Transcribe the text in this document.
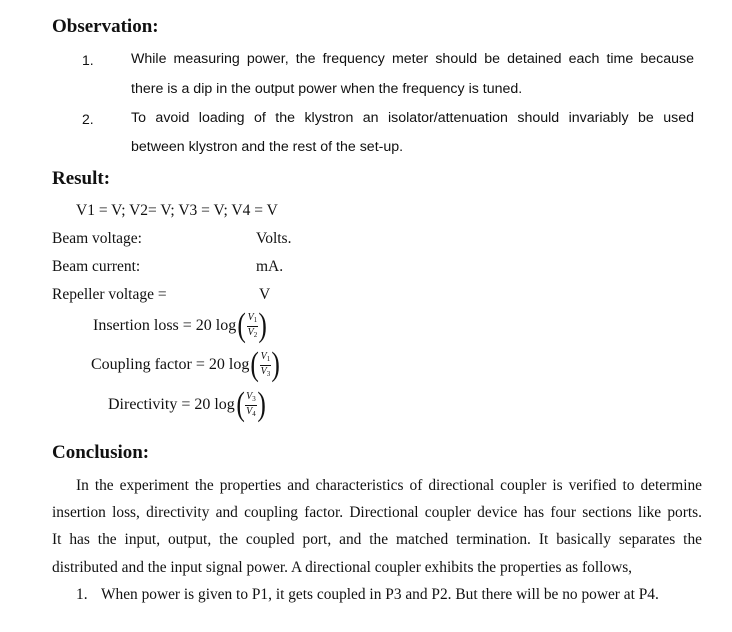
Observation:
1.	While measuring power, the frequency meter should be detained each time because
there is a dip in the output power when the frequency is tuned.
2.	To avoid loading of the klystron an isolator/attenuation should invariably be used
between klystron and the rest of the set-up.
Result:
V1 = V; V2= V; V3 = V; V4 = V
Beam voltage:	Volts.
Beam current:	mA.
Repeller voltage =	V
Insertion loss = 20 log ( $\frac{V_1}{V_2}$ )
Coupling factor = 20 log ( $\frac{V_1}{V_3}$ )
Directivity = 20 log ( $\frac{V_3}{V_4}$ )
Conclusion:
In the experiment the properties and characteristics of directional coupler is verified to determine
insertion loss, directivity and coupling factor. Directional coupler device has four sections like ports.
It has the input, output, the coupled port, and the matched termination. It basically separates the
distributed and the input signal power. A directional coupler exhibits the properties as follows,
1. When power is given to P1, it gets coupled in P3 and P2. But there will be no power at P4.
